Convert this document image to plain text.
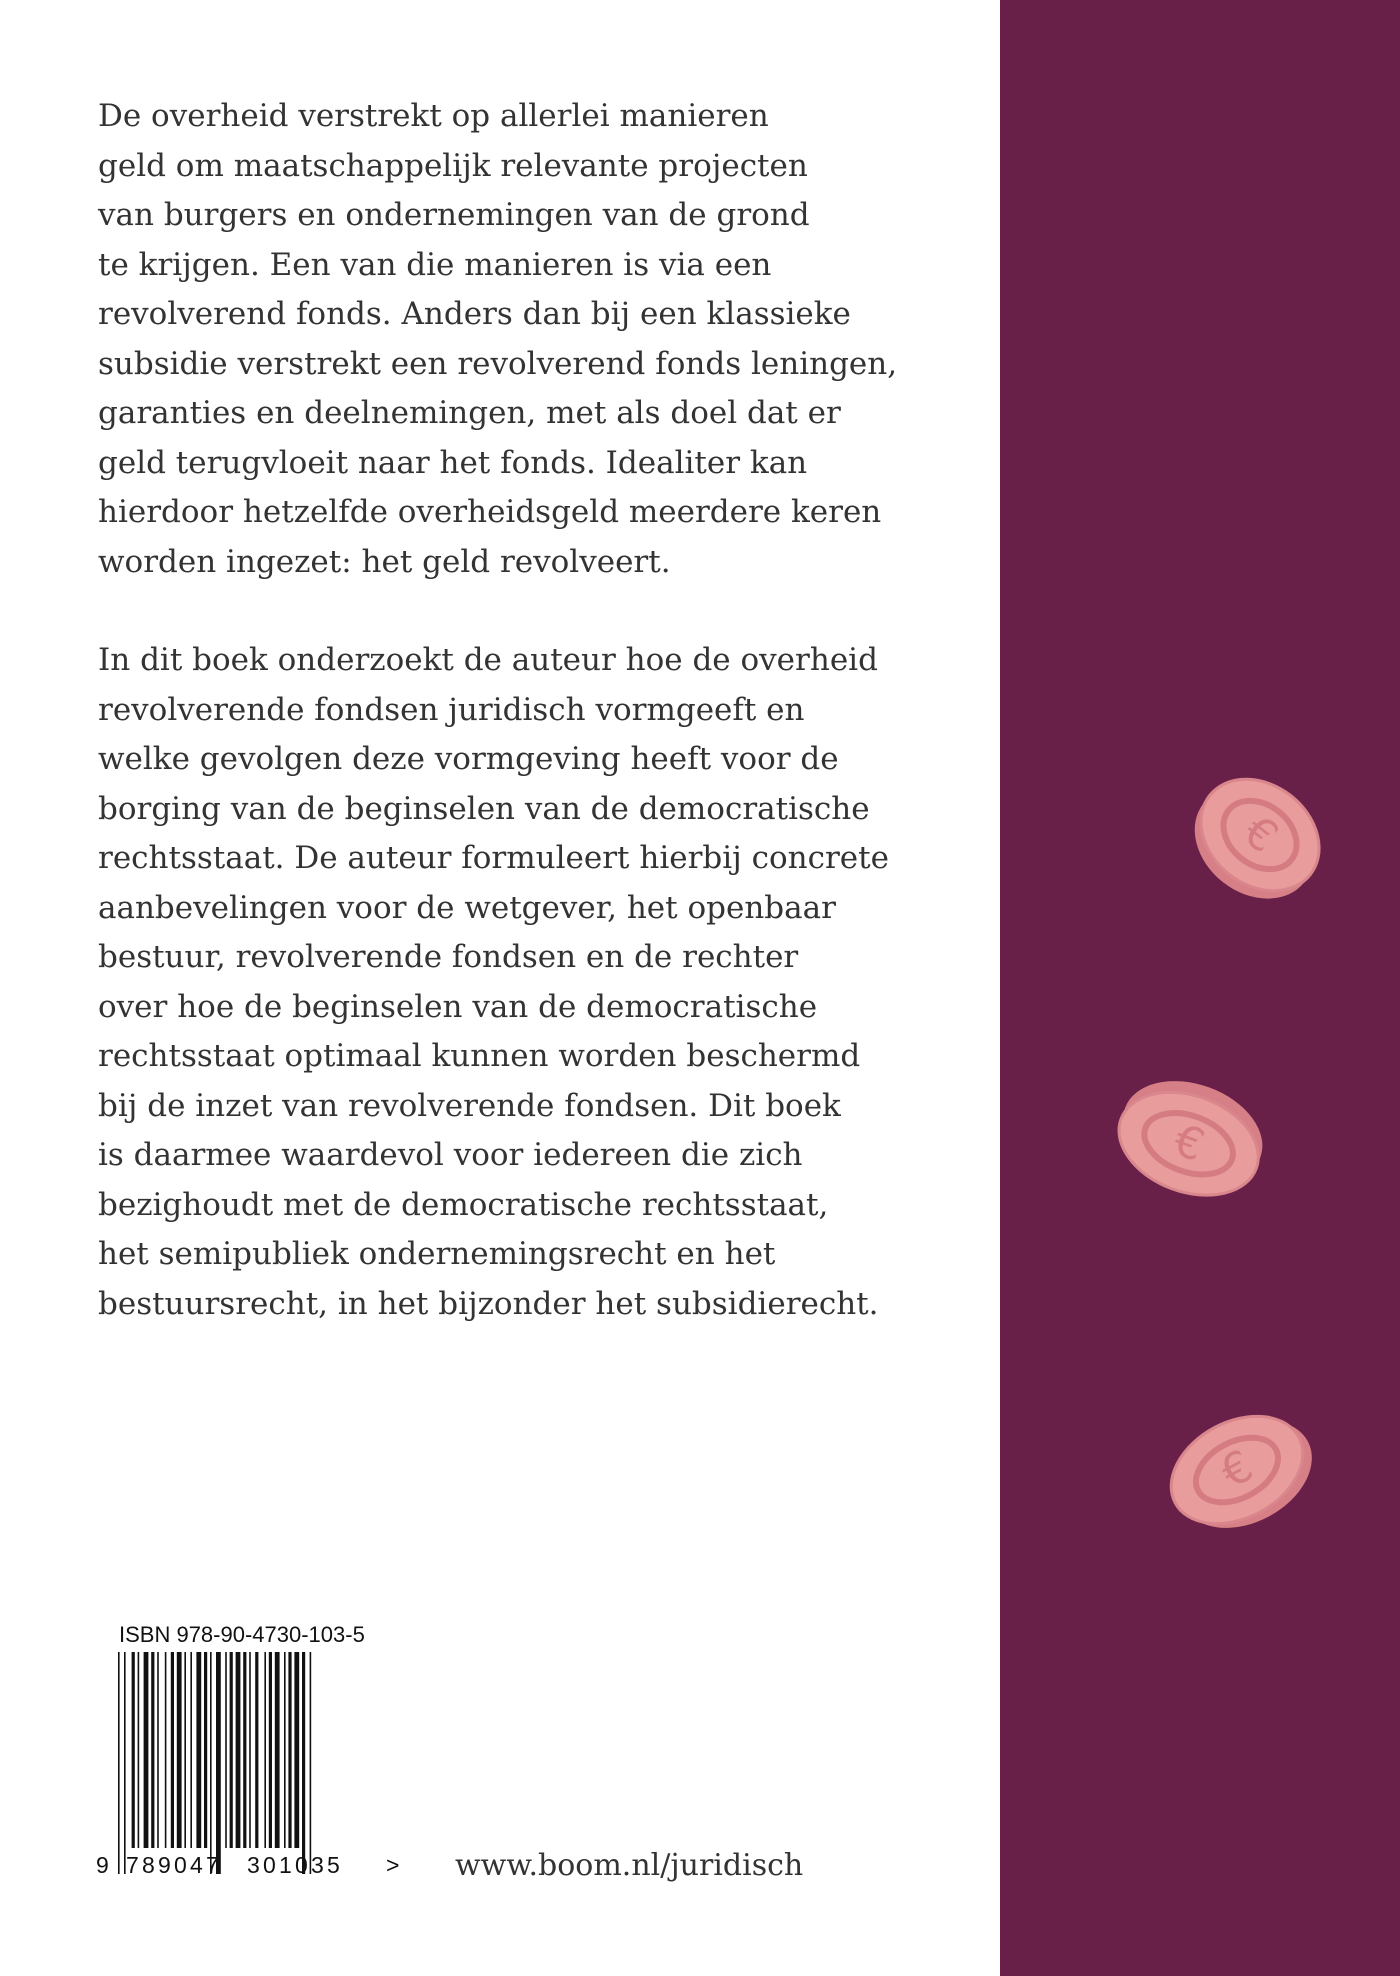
De overheid verstrekt op allerlei manieren
geld om maatschappelijk relevante projecten
van burgers en ondernemingen van de grond
te krijgen. Een van die manieren is via een
revolverend fonds. Anders dan bij een klassieke
subsidie verstrekt een revolverend fonds leningen,
garanties en deelnemingen, met als doel dat er
geld terugvloeit naar het fonds. Idealiter kan
hierdoor hetzelfde overheidsgeld meerdere keren
worden ingezet: het geld revolveert.

In dit boek onderzoekt de auteur hoe de overheid
revolverende fondsen juridisch vormgeeft en
welke gevolgen deze vormgeving heeft voor de
borging van de beginselen van de democratische
rechtsstaat. De auteur formuleert hierbij concrete
aanbevelingen voor de wetgever, het openbaar
bestuur, revolverende fondsen en de rechter
over hoe de beginselen van de democratische
rechtsstaat optimaal kunnen worden beschermd
bij de inzet van revolverende fondsen. Dit boek
is daarmee waardevol voor iedereen die zich
bezighoudt met de democratische rechtsstaat,
het semipubliek ondernemingsrecht en het
bestuursrecht, in het bijzonder het subsidierecht.

€
€
€
ISBN 978-90-4730-103-5
9 789047 301035 > www.boom.nl/juridisch
